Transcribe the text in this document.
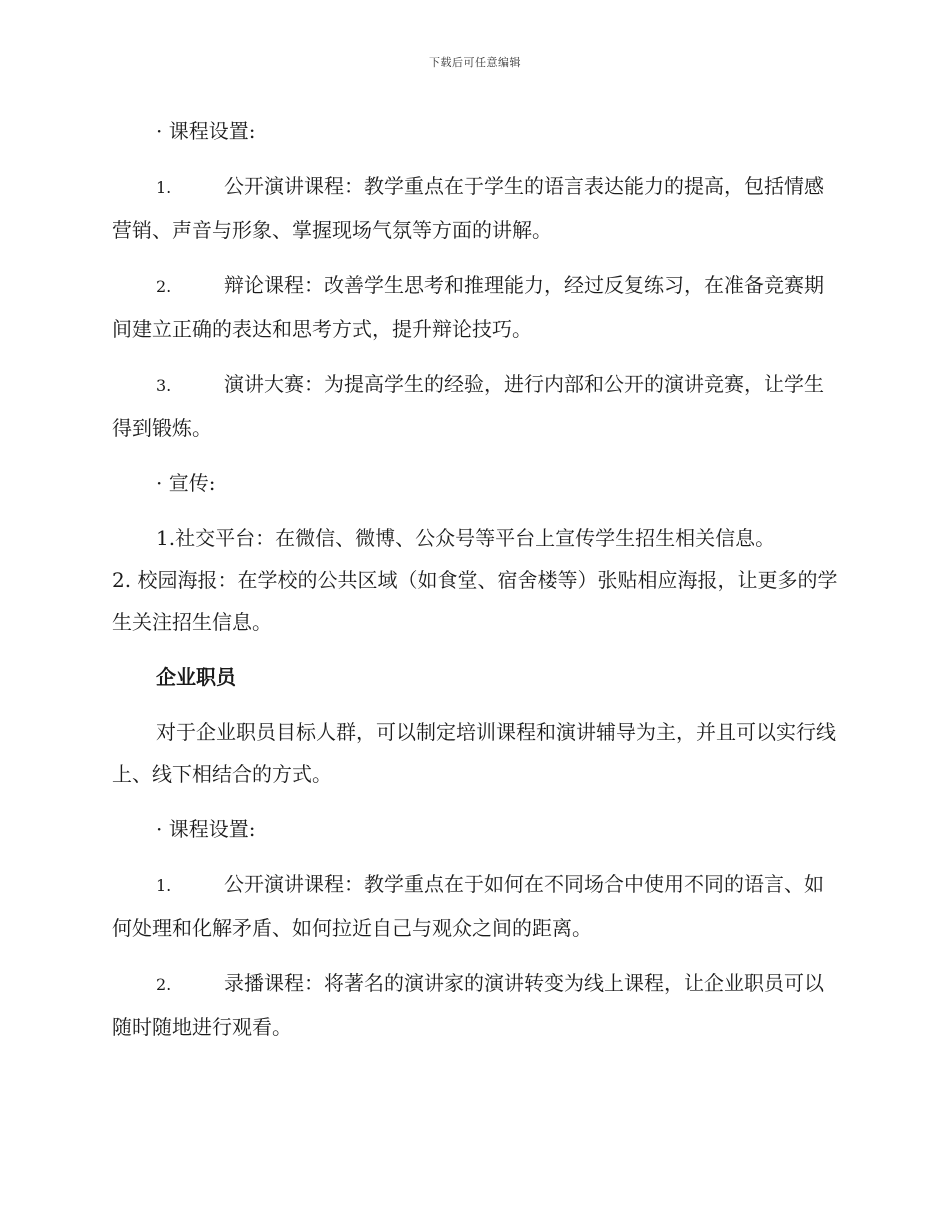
下载后可任意编辑
· 课程设置:
1.	公开演讲课程：教学重点在于学生的语言表达能力的提高，包括情感营销、声音与形象、掌握现场气氛等方面的讲解。
2.	辩论课程：改善学生思考和推理能力，经过反复练习，在准备竞赛期间建立正确的表达和思考方式，提升辩论技巧。
3.	演讲大赛：为提高学生的经验，进行内部和公开的演讲竞赛，让学生得到锻炼。
· 宣传:
1.社交平台：在微信、微博、公众号等平台上宣传学生招生相关信息。
2. 校园海报：在学校的公共区域（如食堂、宿舍楼等）张贴相应海报，让更多的学生关注招生信息。
企业职员
对于企业职员目标人群，可以制定培训课程和演讲辅导为主，并且可以实行线上、线下相结合的方式。
· 课程设置:
1.	公开演讲课程：教学重点在于如何在不同场合中使用不同的语言、如何处理和化解矛盾、如何拉近自己与观众之间的距离。
2.	录播课程：将著名的演讲家的演讲转变为线上课程，让企业职员可以随时随地进行观看。
